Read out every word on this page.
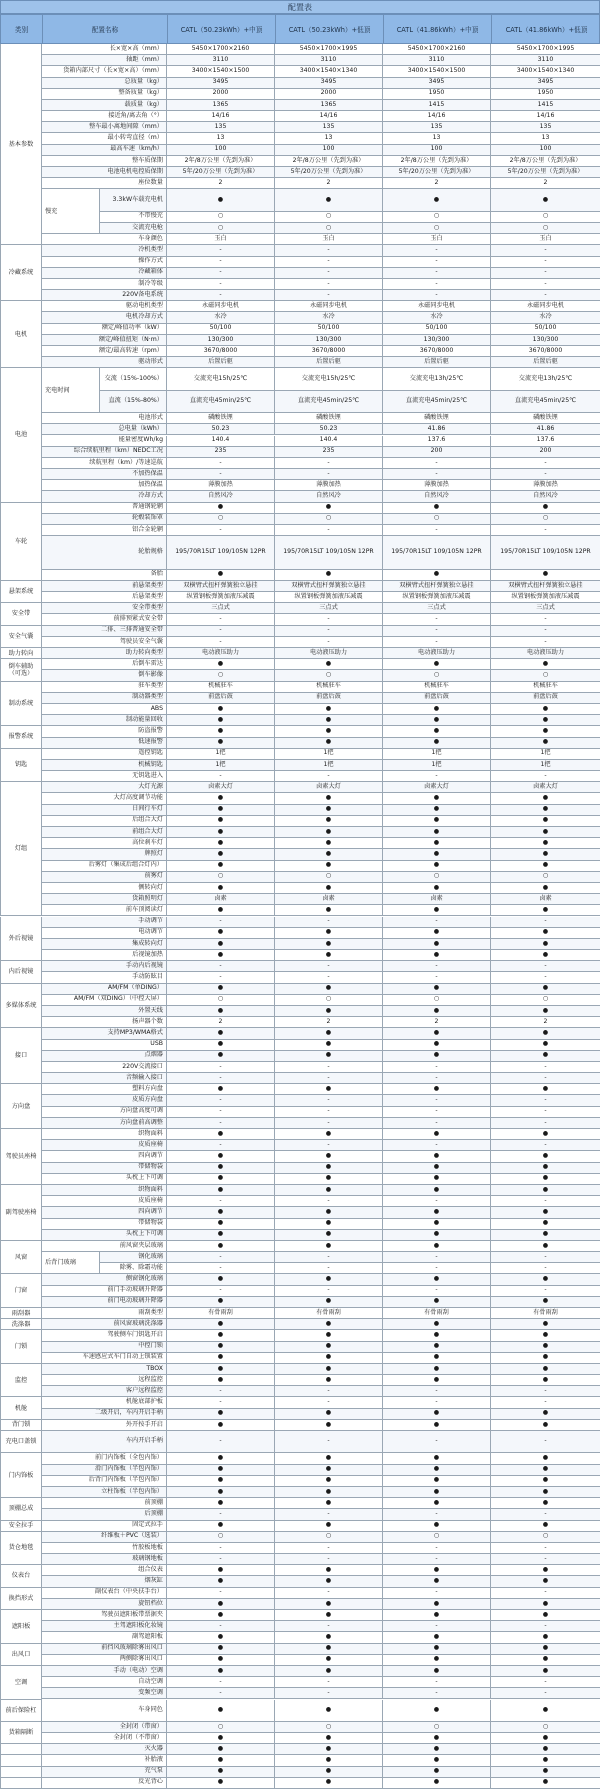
配置表
类别	配置名称	CATL（50.23kWh）+中顶	CATL（50.23kWh）+低顶	CATL（41.86kWh）+中顶	CATL（41.86kWh）+低顶
基本参数
慢充
长×宽×高（mm）	5450×1700×2160	5450×1700×1995	5450×1700×2160	5450×1700×1995
轴距（mm）	3110	3110	3110	3110
货箱内部尺寸（长×宽×高）（mm）	3400×1540×1500	3400×1540×1340	3400×1540×1500	3400×1540×1340
总质量（kg）	3495	3495	3495	3495
整备质量（kg）	2000	2000	1950	1950
载质量（kg）	1365	1365	1415	1415
接近角/离去角（°）	14/16	14/16	14/16	14/16
整车最小离地间隙（mm）	135	135	135	135
最小转弯直径（m）	13	13	13	13
最高车速（km/h）	100	100	100	100
整车质保期	2年/8万公里（先到为准）	2年/8万公里（先到为准）	2年/8万公里（先到为准）	2年/8万公里（先到为准）
电池电机电控质保期	5年/20万公里（先到为准）	5年/20万公里（先到为准）	5年/20万公里（先到为准）	5年/20万公里（先到为准）
座位数量	2	2	2	2
3.3kW车载充电机	●	●	●	●
不带慢充	○	○	○	○
交流充电枪	○	○	○	○
车身颜色	玉白	玉白	玉白	玉白
冷藏系统
冷机类型	-	-	-	-
操作方式	-	-	-	-
冷藏箱体	-	-	-	-
制冷等级	-	-	-	-
220V备电系统	-	-	-	-
电机
驱动电机类型	永磁同步电机	永磁同步电机	永磁同步电机	永磁同步电机
电机冷却方式	水冷	水冷	水冷	水冷
额定/峰值功率（kW）	50/100	50/100	50/100	50/100
额定/峰值扭矩（N·m）	130/300	130/300	130/300	130/300
额定/最高转速（rpm）	3670/8000	3670/8000	3670/8000	3670/8000
驱动形式	后置后驱	后置后驱	后置后驱	后置后驱
电池
充电时间
交流（15%-100%）	交流充电15h/25℃	交流充电15h/25℃	交流充电13h/25℃	交流充电13h/25℃
直流（15%-80%）	直流充电45min/25℃	直流充电45min/25℃	直流充电45min/25℃	直流充电45min/25℃
电池形式	磷酸铁锂	磷酸铁锂	磷酸铁锂	磷酸铁锂
总电量（kWh）	50.23	50.23	41.86	41.86
能量密度Wh/kg	140.4	140.4	137.6	137.6
综合续航里程（km）NEDC工况	235	235	200	200
续航里程（km）/等速巡航	-	-	-	-
不加热保温	-	-	-	-
加热保温	薄膜加热	薄膜加热	薄膜加热	薄膜加热
冷却方式	自然风冷	自然风冷	自然风冷	自然风冷
车轮
普通钢轮辋	●	●	●	●
轮毂装饰罩	○	○	○	○
铝合金轮辋	-	-	-	-
轮胎规格	195/70R15LT 109/105N 12PR	195/70R15LT 109/105N 12PR	195/70R15LT 109/105N 12PR	195/70R15LT 109/105N 12PR
备胎	●	●	●	●
悬架系统
前悬架类型	双横臂式扭杆弹簧独立悬挂	双横臂式扭杆弹簧独立悬挂	双横臂式扭杆弹簧独立悬挂	双横臂式扭杆弹簧独立悬挂
后悬架类型	纵置钢板弹簧加液压减震	纵置钢板弹簧加液压减震	纵置钢板弹簧加液压减震	纵置钢板弹簧加液压减震
安全带
安全带类型	三点式	三点式	三点式	三点式
前排预紧式安全带	-	-	-	-
安全气囊
二排、三排普通安全带	-	-	-	-
驾驶员安全气囊	-	-	-	-
助力转向	助力转向类型	电动液压助力	电动液压助力	电动液压助力	电动液压助力
倒车辅助（可选）
后倒车雷达	●	●	●	●
倒车影像	○	○	○	○
制动系统
驻车类型	机械驻车	机械驻车	机械驻车	机械驻车
制动器类型	前盘后鼓	前盘后鼓	前盘后鼓	前盘后鼓
ABS	●	●	●	●
制动能量回收	●	●	●	●
报警系统
防盗报警	●	●	●	●
低速报警	●	●	●	●
钥匙
遥控钥匙	1把	1把	1把	1把
机械钥匙	1把	1把	1把	1把
无钥匙进入	-	-	-	-
灯组
大灯光源	卤素大灯	卤素大灯	卤素大灯	卤素大灯
大灯高度调节功能	●	●	●	●
日间行车灯	●	●	●	●
后组合大灯	●	●	●	●
前组合大灯	●	●	●	●
高位刹车灯	●	●	●	●
牌照灯	●	●	●	●
后雾灯（集成后组合灯内）	●	●	●	●
前雾灯	○	○	○	○
侧转向灯	●	●	●	●
货箱照明灯	卤素	卤素	卤素	卤素
前车顶阅读灯	●	●	●	●
外后视镜
手动调节	-	-	-	-
电动调节	●	●	●	●
集成转向灯	●	●	●	●
后视镜加热	●	●	●	●
内后视镜
手动内后视镜	-	-	-	-
手动防眩目	-	-	-	-
多媒体系统
AM/FM（单DING）	●	●	●	●
AM/FM（双DING）（中控大屏）	○	○	○	○
外置天线	●	●	●	●
扬声器个数	2	2	2	2
接口
支持MP3/WMA格式	●	●	●	●
USB	●	●	●	●
点烟器	●	●	●	●
220V交流接口	-	-	-	-
音频输入接口	-	-	-	-
方向盘
塑料方向盘	●	●	●	●
皮质方向盘	-	-	-	-
方向盘高度可调	-	-	-	-
方向盘前高调整	-	-	-	-
驾驶员座椅
织物面料	●	●	●	●
皮质座椅	-	-	-	-
四向调节	●	●	●	●
带储物袋	●	●	●	●
头枕上下可调	●	●	●	●
副驾驶座椅
织物面料	●	●	●	●
皮质座椅	-	-	-	-
四向调节	●	●	●	●
带储物袋	●	●	●	●
头枕上下可调	●	●	●	●
风窗
后背门玻璃
前风窗夹层玻璃	●	●	●	●
钢化玻璃	-	-	-	-
除雾、除霜功能	-	-	-	-
门窗
侧窗钢化玻璃	●	●	●	●
前门手动玻璃升降器	-	-	-	-
前门电动玻璃升降器	●	●	●	●
雨刮器	雨刮类型	有骨雨刮	有骨雨刮	有骨雨刮	有骨雨刮
洗涤器	前风窗玻璃洗涤器	●	●	●	●
门锁
驾驶侧车门钥匙开启	●	●	●	●
中控门锁	●	●	●	●
车速感应式车门自动上锁装置	●	●	●	●
监控
TBOX	●	●	●	●
远程监控	●	●	●	●
客户远程监控	-	-	-	-
机舱
机舱底部护板	-	-	-	-
二级开启，车内开启手柄	●	●	●	●
背门锁	外开按手开启	●	●	●	●
充电口盖锁	车内开启手柄	-	-	-	-
门内饰板
前门内饰板（全包内饰）	●	●	●	●
滑门内饰板（半包内饰）	●	●	●	●
后背门内饰板（半包内饰）	●	●	●	●
立柱饰板（半包内饰）	●	●	●	●
顶棚总成
前顶棚	●	●	●	●
后顶棚	-	-	-	-
安全拉手	固定式拉手	●	●	●	●
货仓地毯
纤维板＋PVC（选装）	○	○	○	○
竹胶板地板	-	-	-	-
玻璃钢地板	-	-	-	-
仪表台
组合仪表	●	●	●	●
烟灰缸	●	●	●	●
换挡形式
副仪表台（中央扶手台）	-	-	-	-
旋钮档位	●	●	●	●
遮阳板
驾驶员遮阳板带票据夹	●	●	●	●
主驾遮阳板化妆镜	-	-	-	-
副驾遮阳板	●	●	●	●
出风口
前挡风玻璃除雾出风口	●	●	●	●
两侧除雾出风口	●	●	●	●
空调
手动（电动）空调	●	●	●	●
自动空调	-	-	-	-
变频空调	-	-	-	-
前后保险杠	车身同色	●	●	●	●
货箱隔断
全封闭（带窗）	○	○	○	○
全封闭（不带窗）	●	●	●	●
灭火器	●	●	●	●
补胎液	●	●	●	●
充气泵	●	●	●	●
反光背心	●	●	●	●
